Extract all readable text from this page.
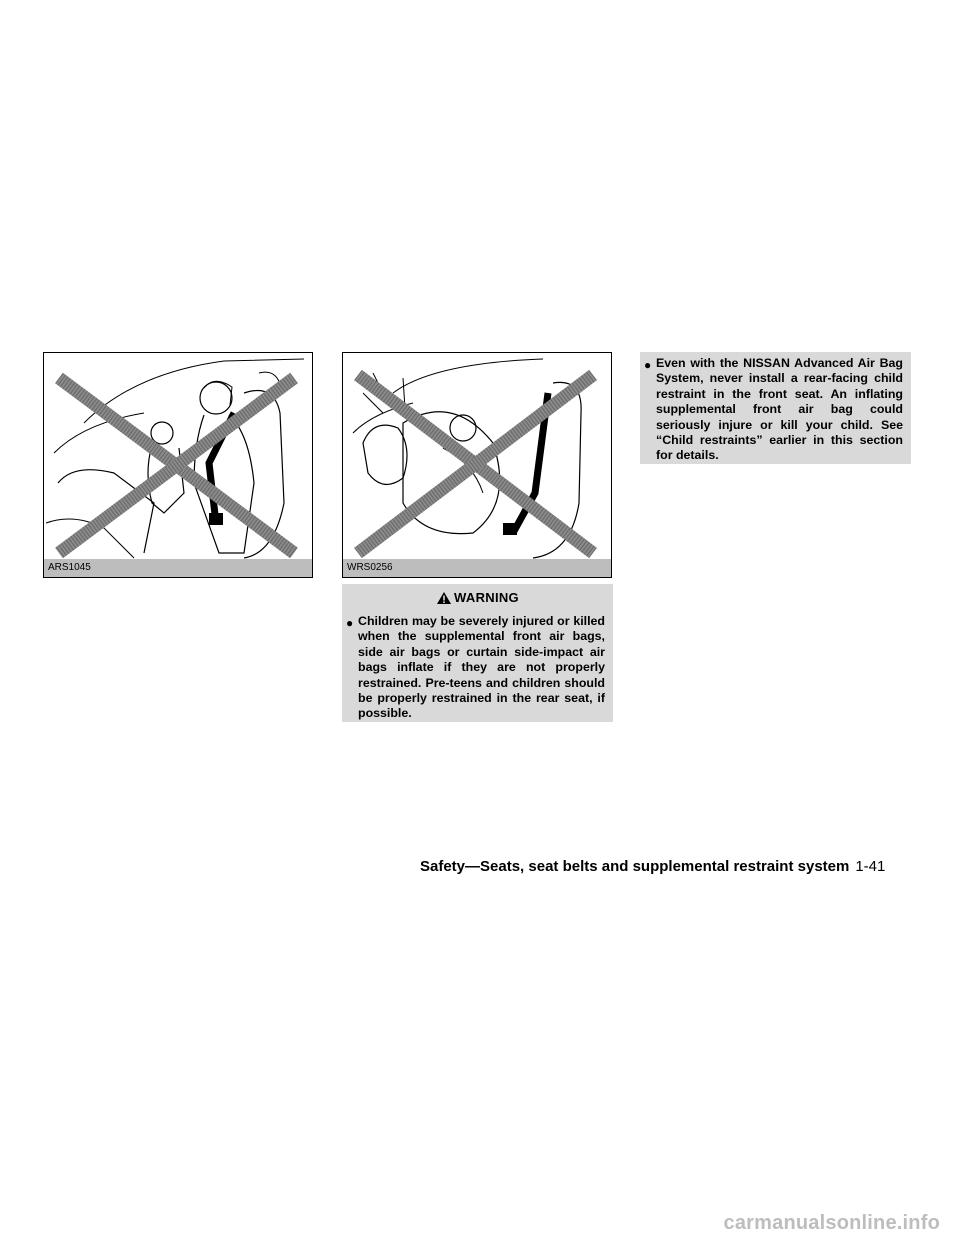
ARS1045	WRS0256
WARNING
● Children may be severely injured or killed when the supplemental front air bags, side air bags or curtain side-impact air bags inflate if they are not properly restrained. Pre-teens and children should be properly restrained in the rear seat, if possible.
● Even with the NISSAN Advanced Air Bag System, never install a rear-facing child restraint in the front seat. An inflating supplemental front air bag could seriously injure or kill your child. See “Child restraints” earlier in this section for details.
Safety—Seats, seat belts and supplemental restraint system 1-41
carmanualsonline.info
